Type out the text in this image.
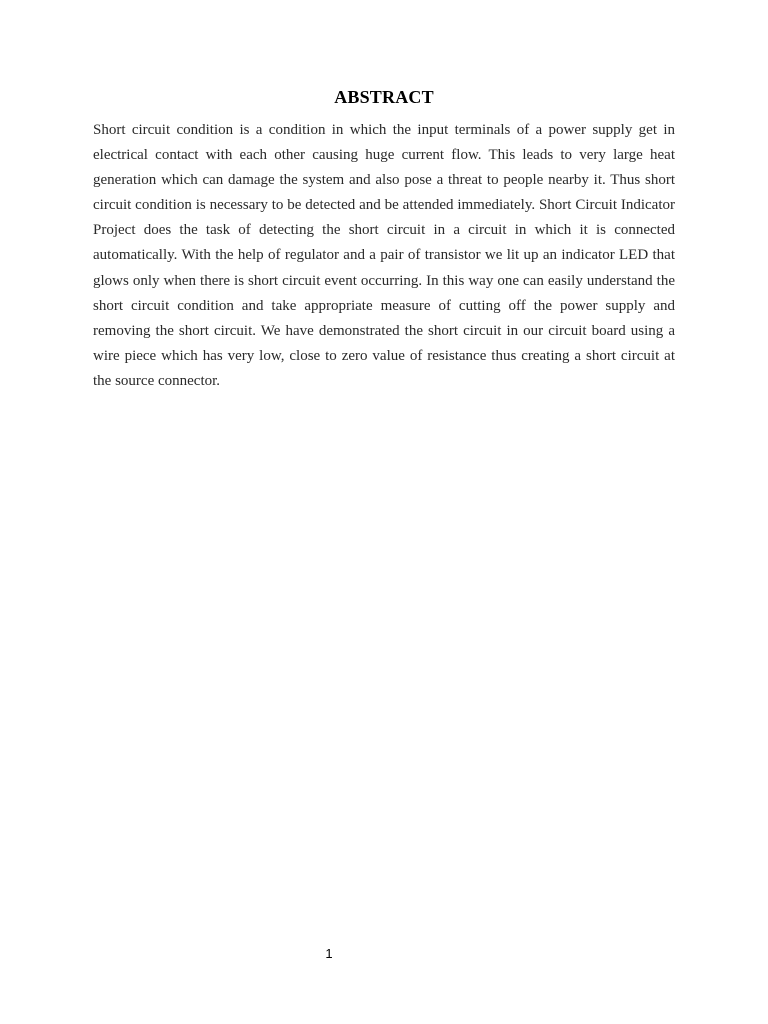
ABSTRACT

Short circuit condition is a condition in which the input terminals of a power supply get in electrical contact with each other causing huge current flow. This leads to very large heat generation which can damage the system and also pose a threat to people nearby it. Thus short circuit condition is necessary to be detected and be attended immediately. Short Circuit Indicator Project does the task of detecting the short circuit in a circuit in which it is connected automatically. With the help of regulator and a pair of transistor we lit up an indicator LED that glows only when there is short circuit event occurring. In this way one can easily understand the short circuit condition and take appropriate measure of cutting off the power supply and removing the short circuit. We have demonstrated the short circuit in our circuit board using a wire piece which has very low, close to zero value of resistance thus creating a short circuit at the source connector.

1
